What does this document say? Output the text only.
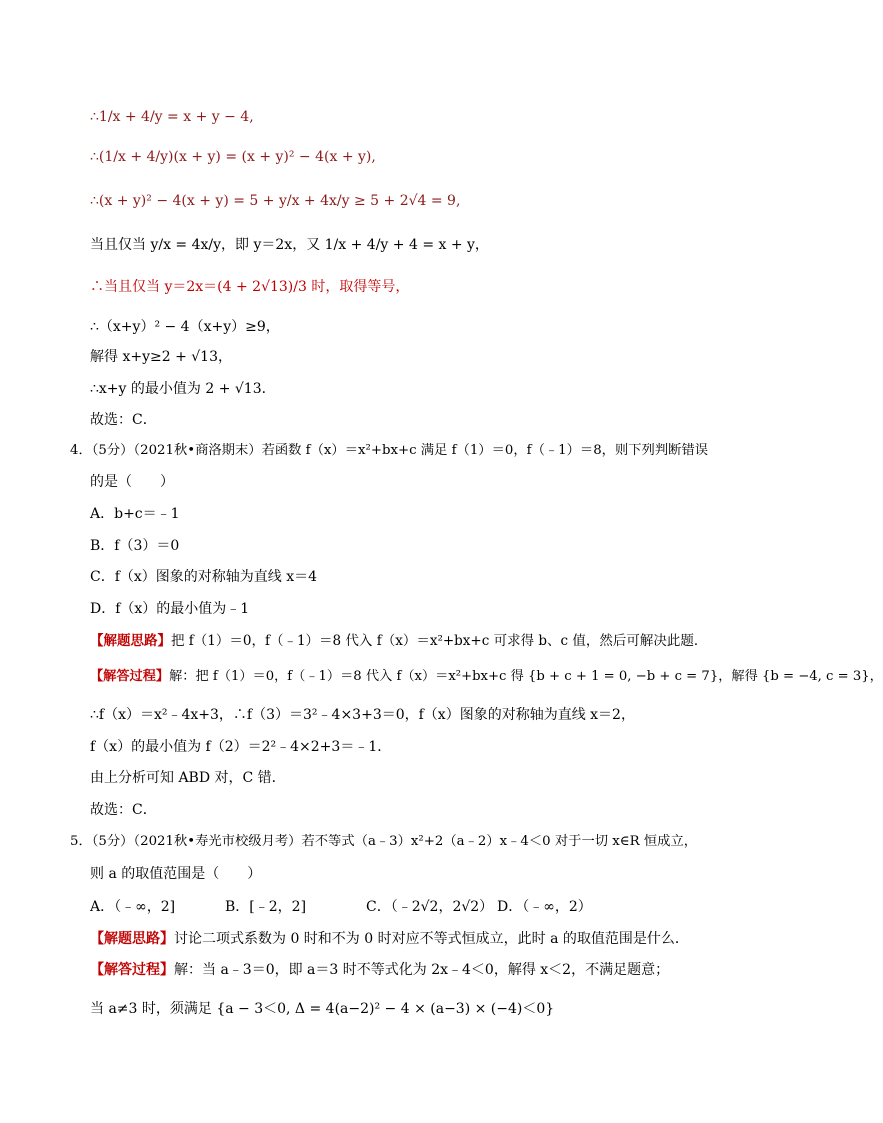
∴1/x + 4/y = x + y − 4,
∴(1/x + 4/y)(x + y) = (x + y)² − 4(x + y),
∴(x + y)² − 4(x + y) = 5 + y/x + 4x/y ≥ 5 + 2√4 = 9,
当且仅当 y/x = 4x/y，即 y＝2x，又 1/x + 4/y + 4 = x + y，
∴当且仅当 y＝2x＝(4 + 2√13)/3 时，取得等号，
∴（x+y）² − 4（x+y）≥9，
解得 x+y≥2 + √13，
∴x+y 的最小值为 2 + √13．
故选：C．
4．（5分）（2021秋•商洛期末）若函数 f（x）＝x²+bx+c 满足 f（1）＝0，f（﹣1）＝8，则下列判断错误
的是（　　）
A．b+c＝﹣1
B．f（3）＝0
C．f（x）图象的对称轴为直线 x＝4
D．f（x）的最小值为﹣1
【解题思路】把 f（1）＝0，f（﹣1）＝8 代入 f（x）＝x²+bx+c 可求得 b、c 值，然后可解决此题．
【解答过程】解：把 f（1）＝0，f（﹣1）＝8 代入 f（x）＝x²+bx+c 得 {b + c + 1 = 0, −b + c = 7}，解得 {b = −4, c = 3}，
∴f（x）＝x²﹣4x+3，∴f（3）＝3²﹣4×3+3＝0，f（x）图象的对称轴为直线 x＝2，
f（x）的最小值为 f（2）＝2²﹣4×2+3＝﹣1．
由上分析可知 ABD 对，C 错．
故选：C．
5．（5分）（2021秋•寿光市校级月考）若不等式（a﹣3）x²+2（a﹣2）x﹣4＜0 对于一切 x∈R 恒成立，
则 a 的取值范围是（　　）
A．（﹣∞，2]	B．[﹣2，2]	C．（﹣2√2，2√2） D．（﹣∞，2）
【解题思路】讨论二项式系数为 0 时和不为 0 时对应不等式恒成立，此时 a 的取值范围是什么．
【解答过程】解：当 a﹣3＝0，即 a＝3 时不等式化为 2x﹣4＜0，解得 x＜2，不满足题意；
当 a≠3 时，须满足 {a − 3＜0, Δ = 4(a−2)² − 4 × (a−3) × (−4)＜0}
